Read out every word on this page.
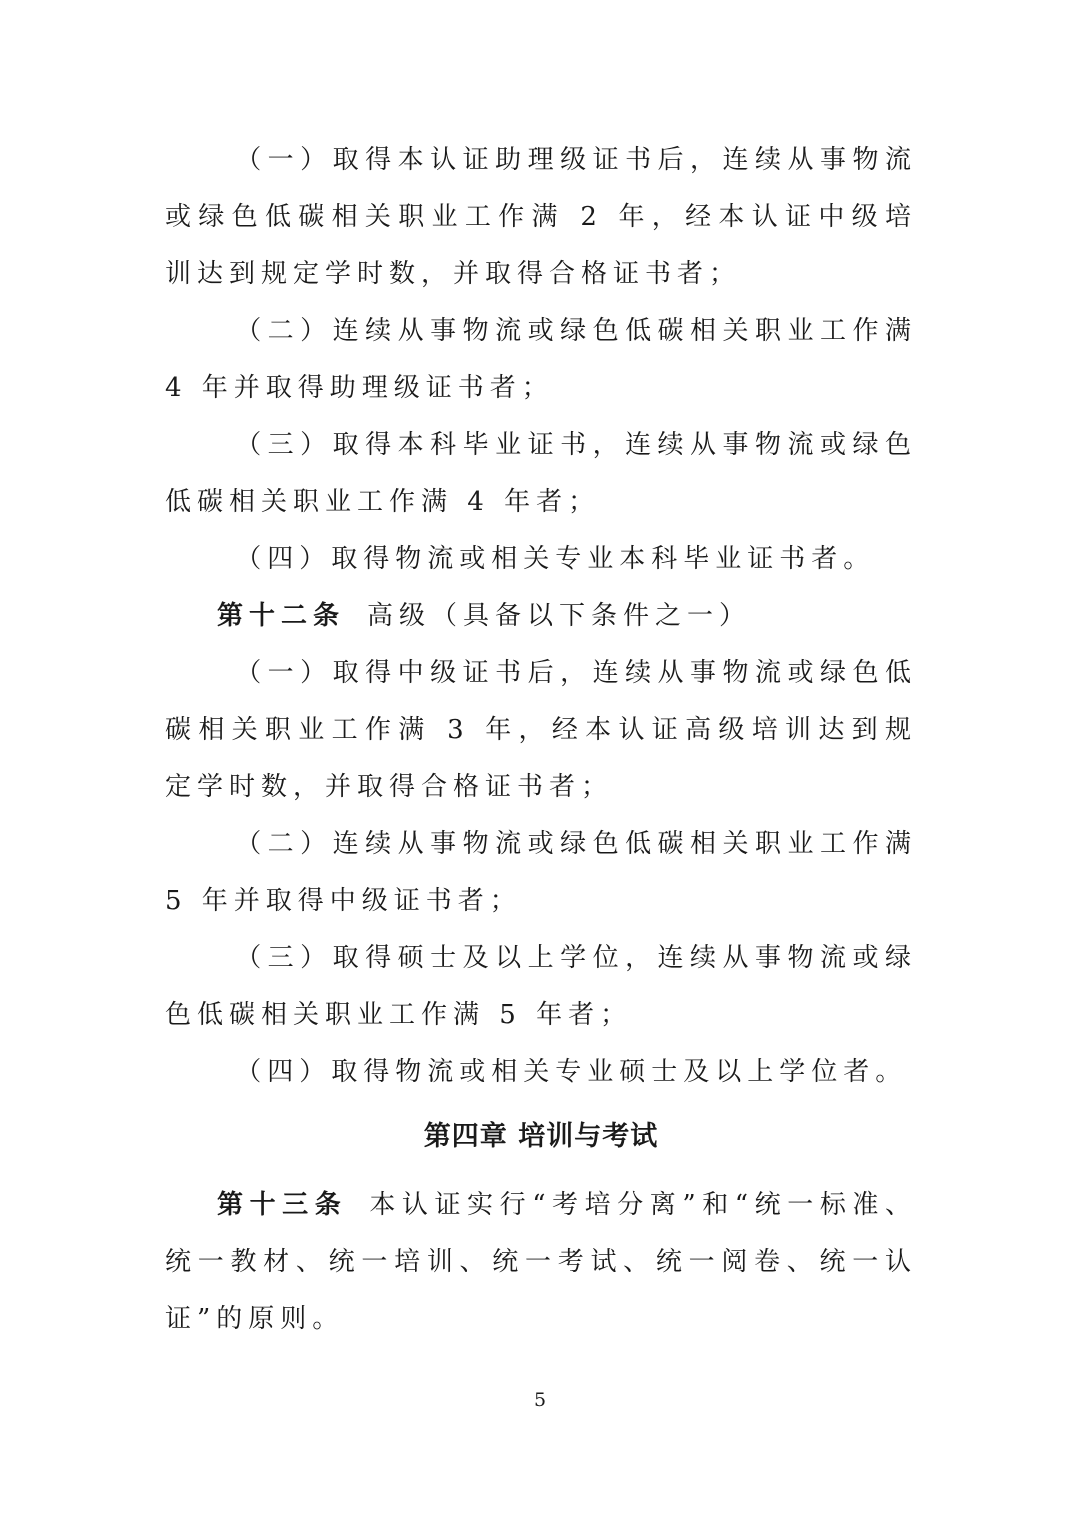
（一）取得本认证助理级证书后，连续从事物流或绿色低碳相关职业工作满 2 年，经本认证中级培训达到规定学时数，并取得合格证书者；

（二）连续从事物流或绿色低碳相关职业工作满 4 年并取得助理级证书者；

（三）取得本科毕业证书，连续从事物流或绿色低碳相关职业工作满 4 年者；

（四）取得物流或相关专业本科毕业证书者。

第十二条 高级（具备以下条件之一）

（一）取得中级证书后，连续从事物流或绿色低碳相关职业工作满 3 年，经本认证高级培训达到规定学时数，并取得合格证书者；

（二）连续从事物流或绿色低碳相关职业工作满 5 年并取得中级证书者；

（三）取得硕士及以上学位，连续从事物流或绿色低碳相关职业工作满 5 年者；

（四）取得物流或相关专业硕士及以上学位者。

第四章 培训与考试

第十三条 本认证实行“考培分离”和“统一标准、统一教材、统一培训、统一考试、统一阅卷、统一认证”的原则。

5
